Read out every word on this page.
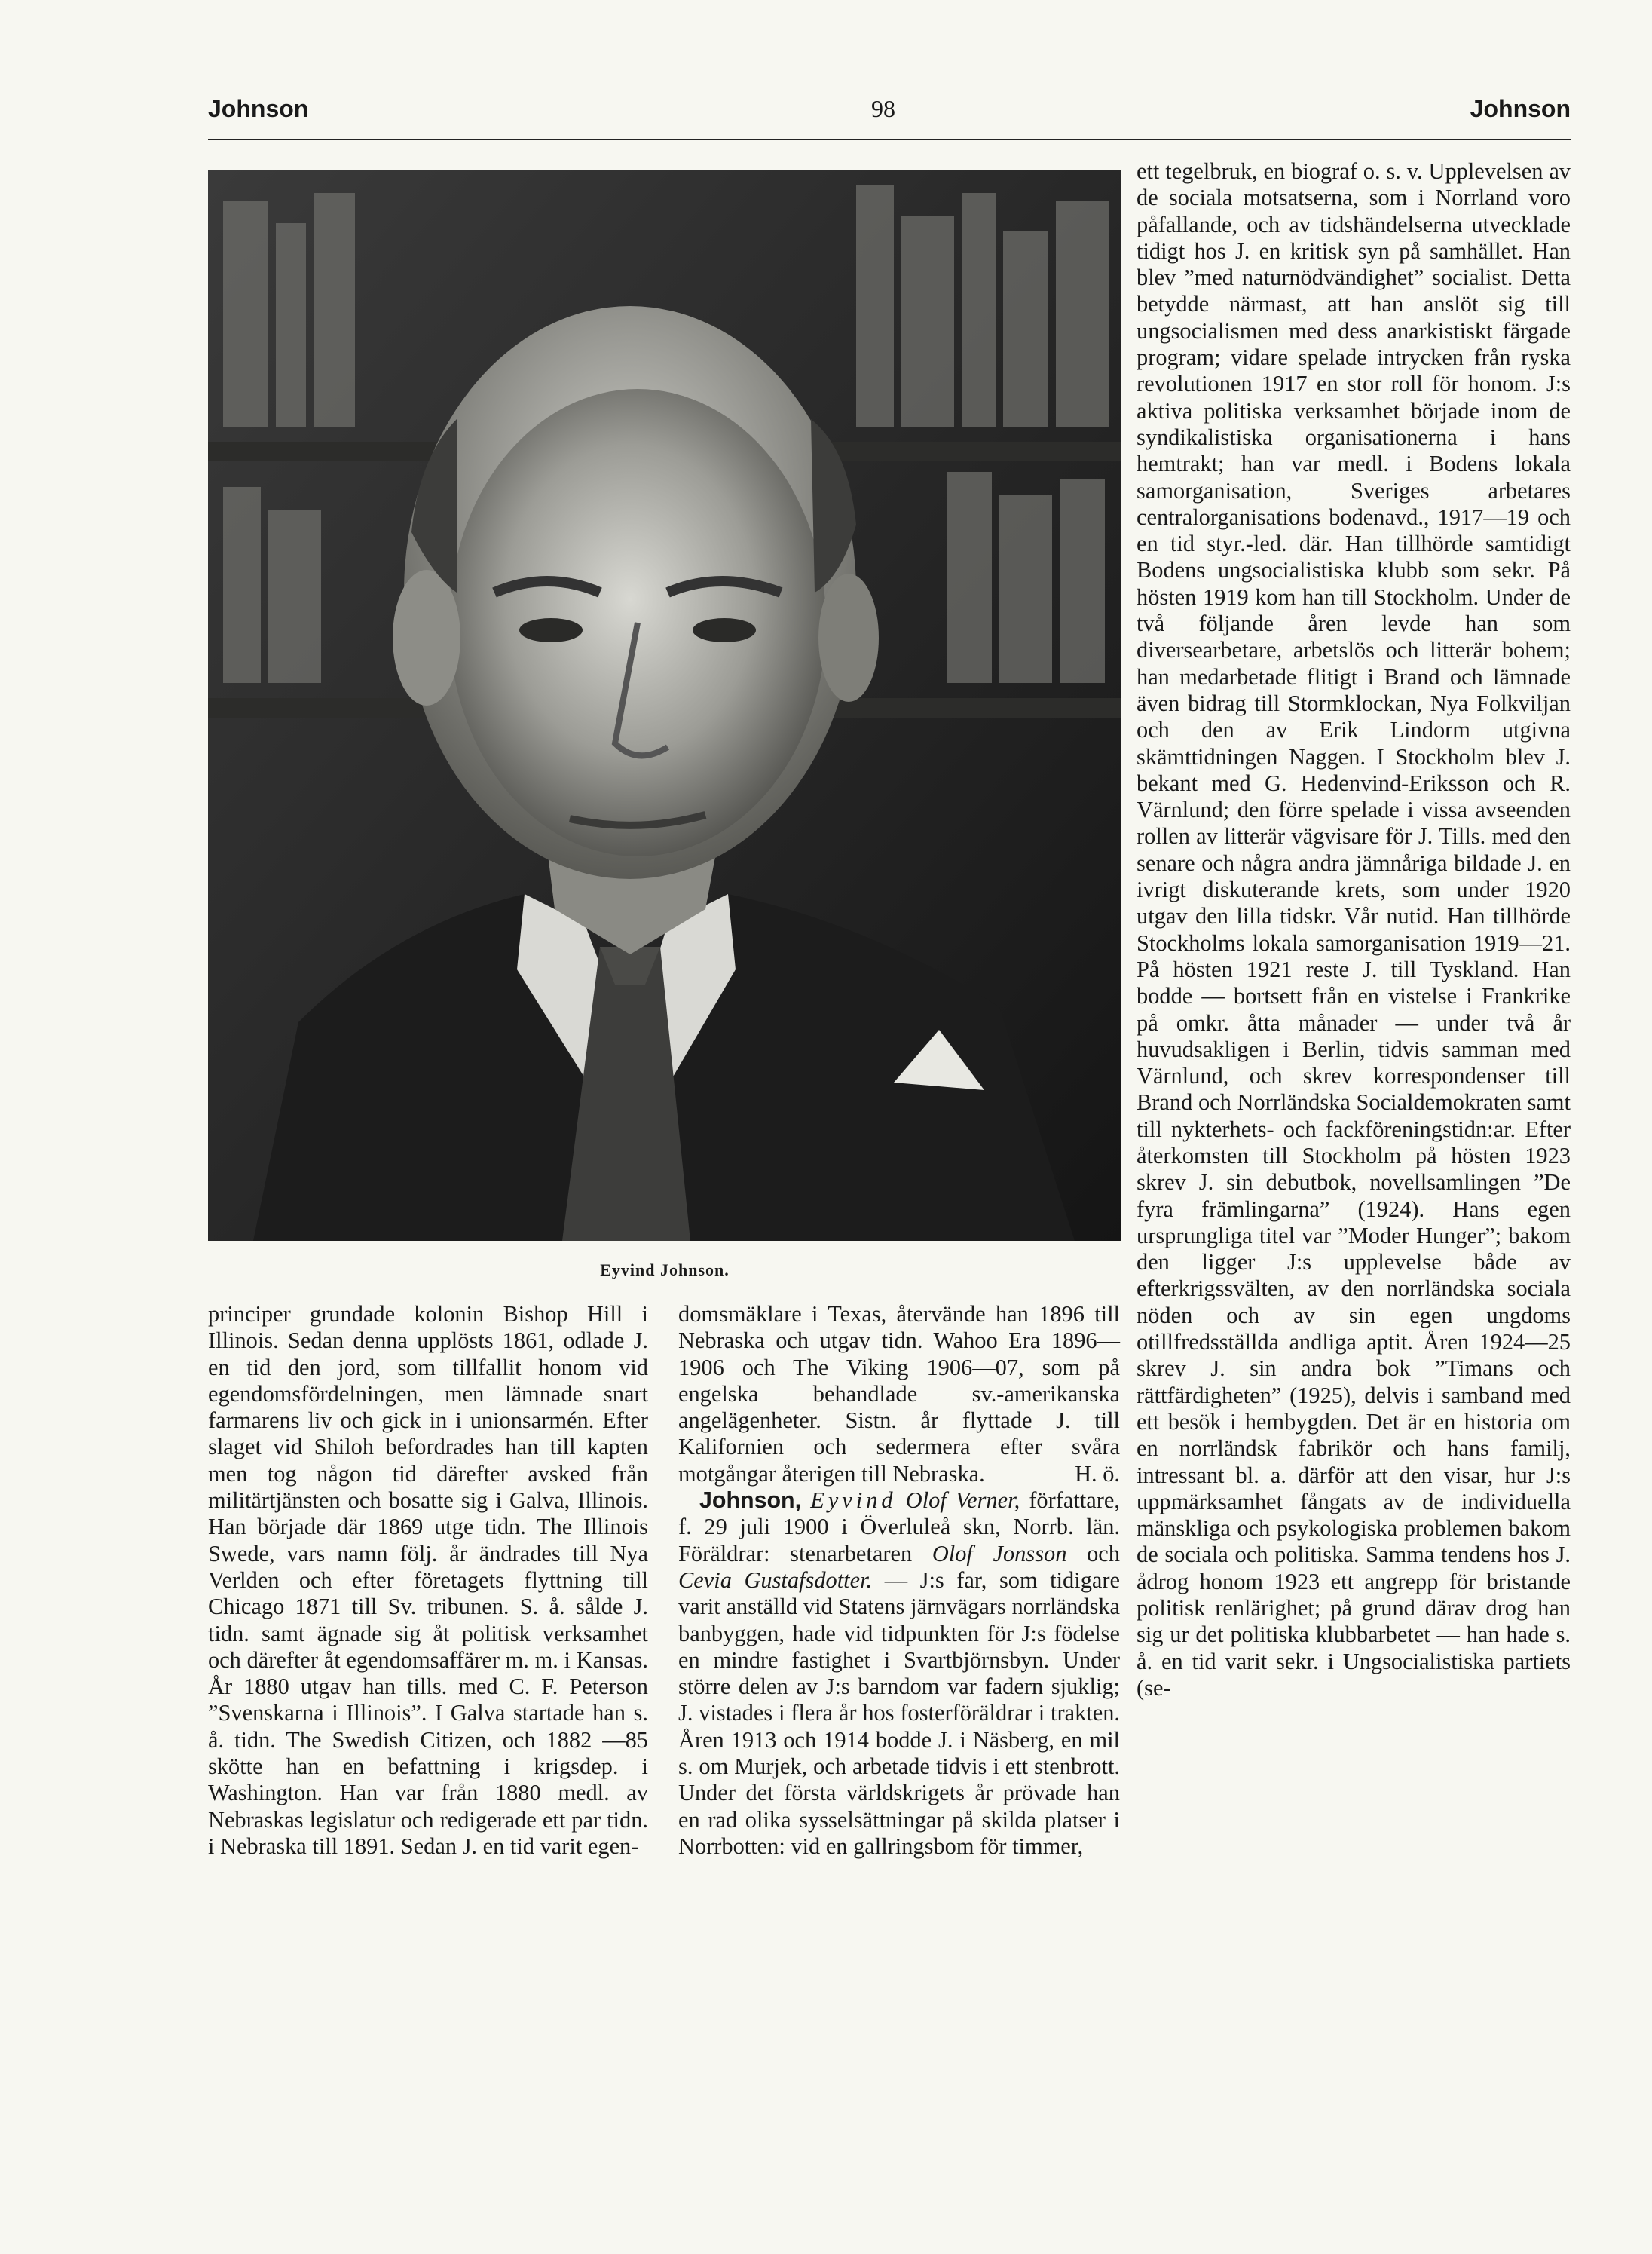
Johnson	98	Johnson
Eyvind Johnson.

ett tegelbruk, en biograf o. s. v. Upplevelsen av de sociala motsatserna, som i Norrland voro påfallande, och av tidshändelserna utvecklade tidigt hos J. en kritisk syn på samhället. Han blev ”med naturnödvändighet” socialist. Detta betydde närmast, att han anslöt sig till ungsocialismen med dess anarkistiskt färgade program; vidare spelade intrycken från ryska revolutionen 1917 en stor roll för honom. J:s aktiva politiska verksamhet började inom de syndikalistiska organisationerna i hans hemtrakt; han var medl. i Bodens lokala samorganisation, Sveriges arbetares centralorganisations bodenavd., 1917—19 och en tid styr.-led. där. Han tillhörde samtidigt Bodens ungsocialistiska klubb som sekr. På hösten 1919 kom han till Stockholm. Under de två följande åren levde han som diversearbetare, arbetslös och litterär bohem; han medarbetade flitigt i Brand och lämnade även bidrag till Stormklockan, Nya Folkviljan och den av Erik Lindorm utgivna skämttidningen Naggen. I Stockholm blev J. bekant med G. Hedenvind-Eriksson och R. Värnlund; den förre spelade i vissa avseenden rollen av litterär vägvisare för J. Tills. med den senare och några andra jämnåriga bildade J. en ivrigt diskuterande krets, som under 1920 utgav den lilla tidskr. Vår nutid. Han tillhörde Stockholms lokala samorganisation 1919—21. På hösten 1921 reste J. till Tyskland. Han bodde — bortsett från en vistelse i Frankrike på omkr. åtta månader — under två år huvudsakligen i Berlin, tidvis samman med Värnlund, och skrev korrespondenser till Brand och Norrländska Socialdemokraten samt till nykterhets- och fackföreningstidn:ar. Efter återkomsten till Stockholm på hösten 1923 skrev J. sin debutbok, novellsamlingen ”De fyra främlingarna” (1924). Hans egen ursprungliga titel var ”Moder Hunger”; bakom den ligger J:s upplevelse både av efterkrigssvälten, av den norrländska sociala nöden och av sin egen ungdoms otillfredsställda andliga aptit. Åren 1924—25 skrev J. sin andra bok ”Timans och rättfärdigheten” (1925), delvis i samband med ett besök i hembygden. Det är en historia om en norrländsk fabrikör och hans familj, intressant bl. a. därför att den visar, hur J:s uppmärksamhet fångats av de individuella mänskliga och psykologiska problemen bakom de sociala och politiska. Samma tendens hos J. ådrog honom 1923 ett angrepp för bristande politisk renlärighet; på grund därav drog han sig ur det politiska klubbarbetet — han hade s. å. en tid varit sekr. i Ungsocialistiska partiets (se-

principer grundade kolonin Bishop Hill i Illinois. Sedan denna upplösts 1861, odlade J. en tid den jord, som tillfallit honom vid egendomsfördelningen, men lämnade snart farmarens liv och gick in i unionsarmén. Efter slaget vid Shiloh befordrades han till kapten men tog någon tid därefter avsked från militärtjänsten och bosatte sig i Galva, Illinois. Han började där 1869 utge tidn. The Illinois Swede, vars namn följ. år ändrades till Nya Verlden och efter företagets flyttning till Chicago 1871 till Sv. tribunen. S. å. sålde J. tidn. samt ägnade sig åt politisk verksamhet och därefter åt egendomsaffärer m. m. i Kansas. År 1880 utgav han tills. med C. F. Peterson ”Svenskarna i Illinois”. I Galva startade han s. å. tidn. The Swedish Citizen, och 1882 —85 skötte han en befattning i krigsdep. i Washington. Han var från 1880 medl. av Nebraskas legislatur och redigerade ett par tidn. i Nebraska till 1891. Sedan J. en tid varit egen-

domsmäklare i Texas, återvände han 1896 till Nebraska och utgav tidn. Wahoo Era 1896—1906 och The Viking 1906—07, som på engelska behandlade sv.-amerikanska angelägenheter. Sistn. år flyttade J. till Kalifornien och sedermera efter svåra motgångar återigen till Nebraska.	H. ö.

Johnson, Eyvind Olof Verner, författare, f. 29 juli 1900 i Överluleå skn, Norrb. län. Föräldrar: stenarbetaren Olof Jonsson och Cevia Gustafsdotter. — J:s far, som tidigare varit anställd vid Statens järnvägars norrländska banbyggen, hade vid tidpunkten för J:s födelse en mindre fastighet i Svartbjörnsbyn. Under större delen av J:s barndom var fadern sjuklig; J. vistades i flera år hos fosterföräldrar i trakten. Åren 1913 och 1914 bodde J. i Näsberg, en mil s. om Murjek, och arbetade tidvis i ett stenbrott. Under det första världskrigets år prövade han en rad olika sysselsättningar på skilda platser i Norrbotten: vid en gallringsbom för timmer,
